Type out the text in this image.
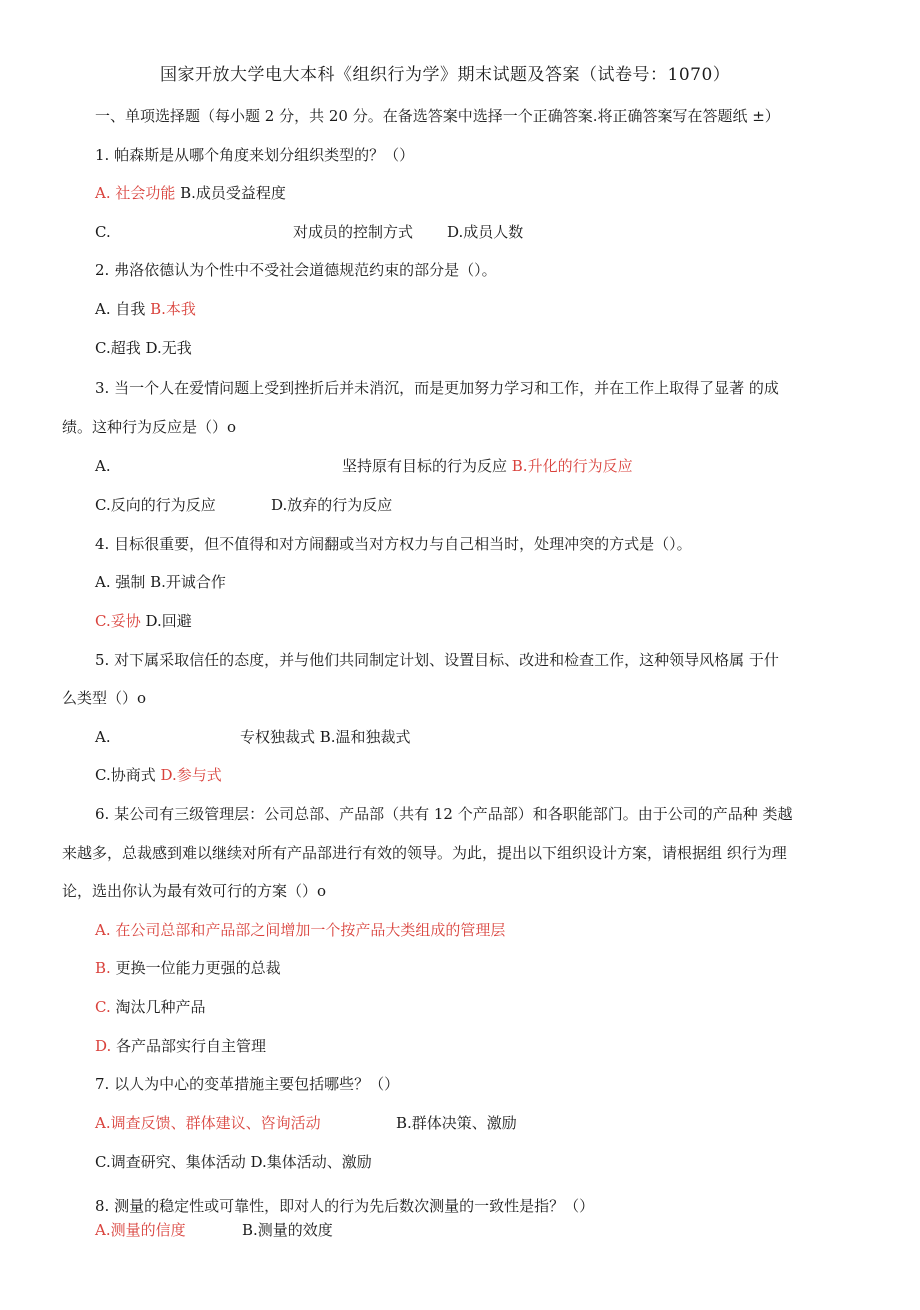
国家开放大学电大本科《组织行为学》期末试题及答案（试卷号：1070）
一、单项选择题（每小题 2 分，共 20 分。在备选答案中选择一个正确答案.将正确答案写在答题纸 ±）
1. 帕森斯是从哪个角度来划分组织类型的？（）
A. 社会功能 B.成员受益程度
C.	对成员的控制方式 D.成员人数
2. 弗洛依德认为个性中不受社会道德规范约束的部分是（）。
A. 自我 B.本我
C.超我 D.无我
3. 当一个人在爱情问题上受到挫折后并未消沉，而是更加努力学习和工作，并在工作上取得了显著 的成
绩。这种行为反应是（）o
A.	坚持原有目标的行为反应 B.升化的行为反应
C.反向的行为反应	D.放弃的行为反应
4. 目标很重要，但不值得和对方闹翻或当对方权力与自己相当时，处理冲突的方式是（）。
A. 强制 B.开诚合作
C.妥协 D.回避
5. 对下属采取信任的态度，并与他们共同制定计划、设置目标、改进和检查工作，这种领导风格属 于什
么类型（）o
A.	专权独裁式 B.温和独裁式
C.协商式 D.参与式
6. 某公司有三级管理层：公司总部、产品部（共有 12 个产品部）和各职能部门。由于公司的产品种 类越
来越多，总裁感到难以继续对所有产品部进行有效的领导。为此，提出以下组织设计方案，请根据组 织行为理
论，选出你认为最有效可行的方案（）o
A. 在公司总部和产品部之间增加一个按产品大类组成的管理层
B. 更换一位能力更强的总裁
C. 淘汰几种产品
D. 各产品部实行自主管理
7. 以人为中心的变革措施主要包括哪些？（）
A.调查反馈、群体建议、咨询活动	B.群体决策、激励
C.调查研究、集体活动 D.集体活动、激励
8. 测量的稳定性或可靠性，即对人的行为先后数次测量的一致性是指？（）
A.测量的信度	B.测量的效度
